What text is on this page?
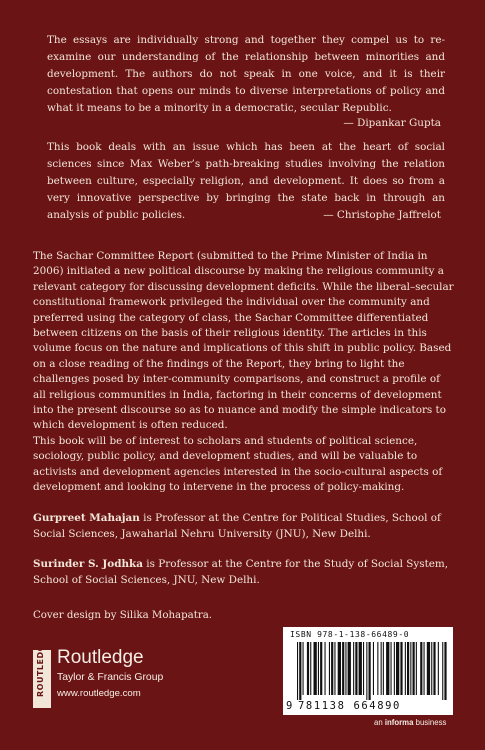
The essays are individually strong and together they compel us to re-examine our understanding of the relationship between minorities and development. The authors do not speak in one voice, and it is their contestation that opens our minds to diverse interpretations of policy and what it means to be a minority in a democratic, secular Republic.

— Dipankar Gupta

This book deals with an issue which has been at the heart of social sciences since Max Weber’s path-breaking studies involving the relation between culture, especially religion, and development. It does so from a very innovative perspective by bringing the state back in through an analysis of public policies.	— Christophe Jaffrelot

The Sachar Committee Report (submitted to the Prime Minister of India in 2006) initiated a new political discourse by making the religious community a relevant category for discussing development deficits. While the liberal–secular constitutional framework privileged the individual over the community and preferred using the category of class, the Sachar Committee differentiated between citizens on the basis of their religious identity. The articles in this volume focus on the nature and implications of this shift in public policy. Based on a close reading of the findings of the Report, they bring to light the challenges posed by inter-community comparisons, and construct a profile of all religious communities in India, factoring in their concerns of development into the present discourse so as to nuance and modify the simple indicators to which development is often reduced.

This book will be of interest to scholars and students of political science, sociology, public policy, and development studies, and will be valuable to activists and development agencies interested in the socio-cultural aspects of development and looking to intervene in the process of policy-making.

Gurpreet Mahajan is Professor at the Centre for Political Studies, School of Social Sciences, Jawaharlal Nehru University (JNU), New Delhi.
Surinder S. Jodhka is Professor at the Centre for the Study of Social System, School of Social Sciences, JNU, New Delhi.
Cover design by Silika Mohapatra.
ROUTLEDGE Routledge
Taylor & Francis Group
www.routledge.com
ISBN 978-1-138-66489-0
9 781138 664890
an informa business
